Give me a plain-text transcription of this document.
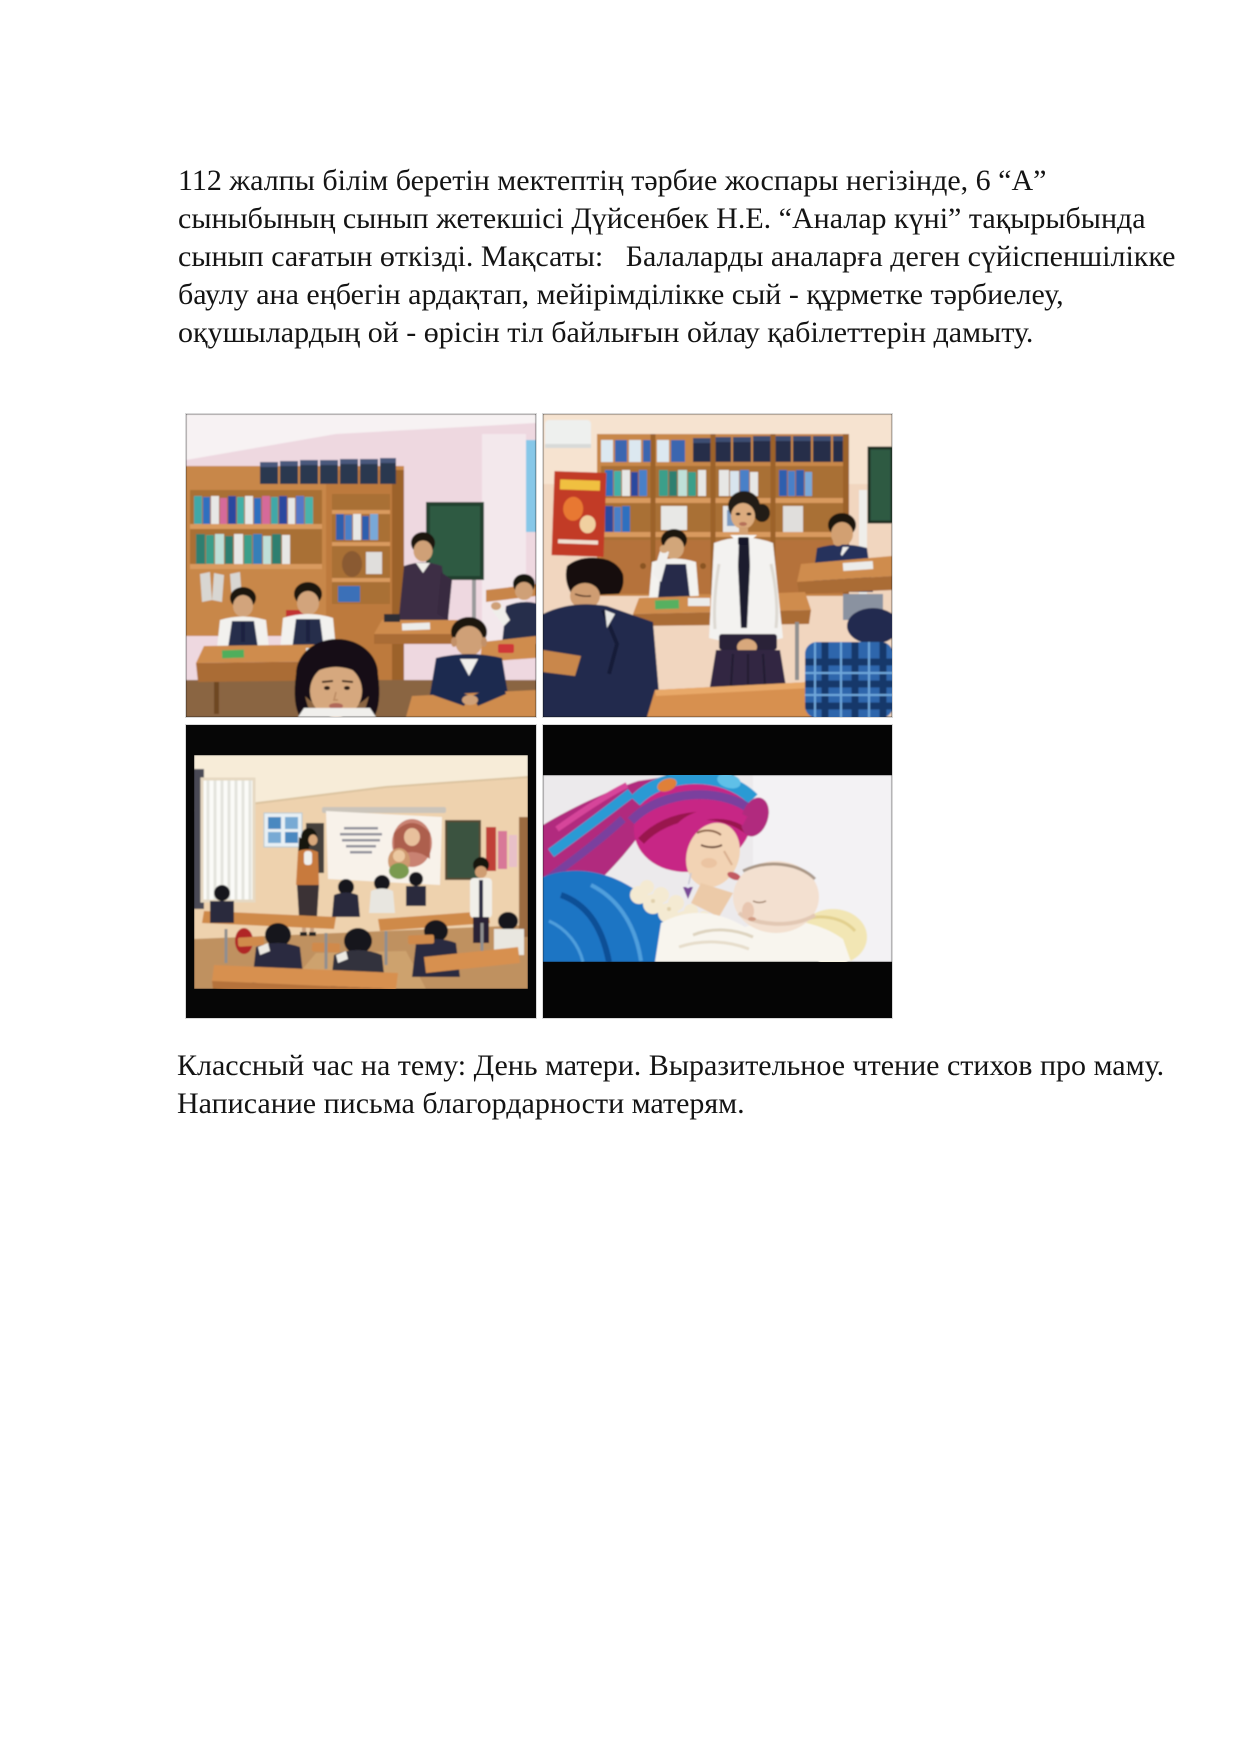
112 жалпы білім беретін мектептің тәрбие жоспары негізінде, 6 “А”
сыныбының сынып жетекшісі Дүйсенбек Н.Е. “Аналар күні” тақырыбында
сынып сағатын өткізді. Мақсаты:   Балаларды аналарға деген сүйіспеншілікке
баулу ана еңбегін ардақтап, мейірімділікке сый - құрметке тәрбиелеу,
оқушылардың ой - өрісін тіл байлығын ойлау қабілеттерін дамыту.
Классный час на тему: День матери. Выразительное чтение стихов про маму.
Написание письма благордарности матерям.
